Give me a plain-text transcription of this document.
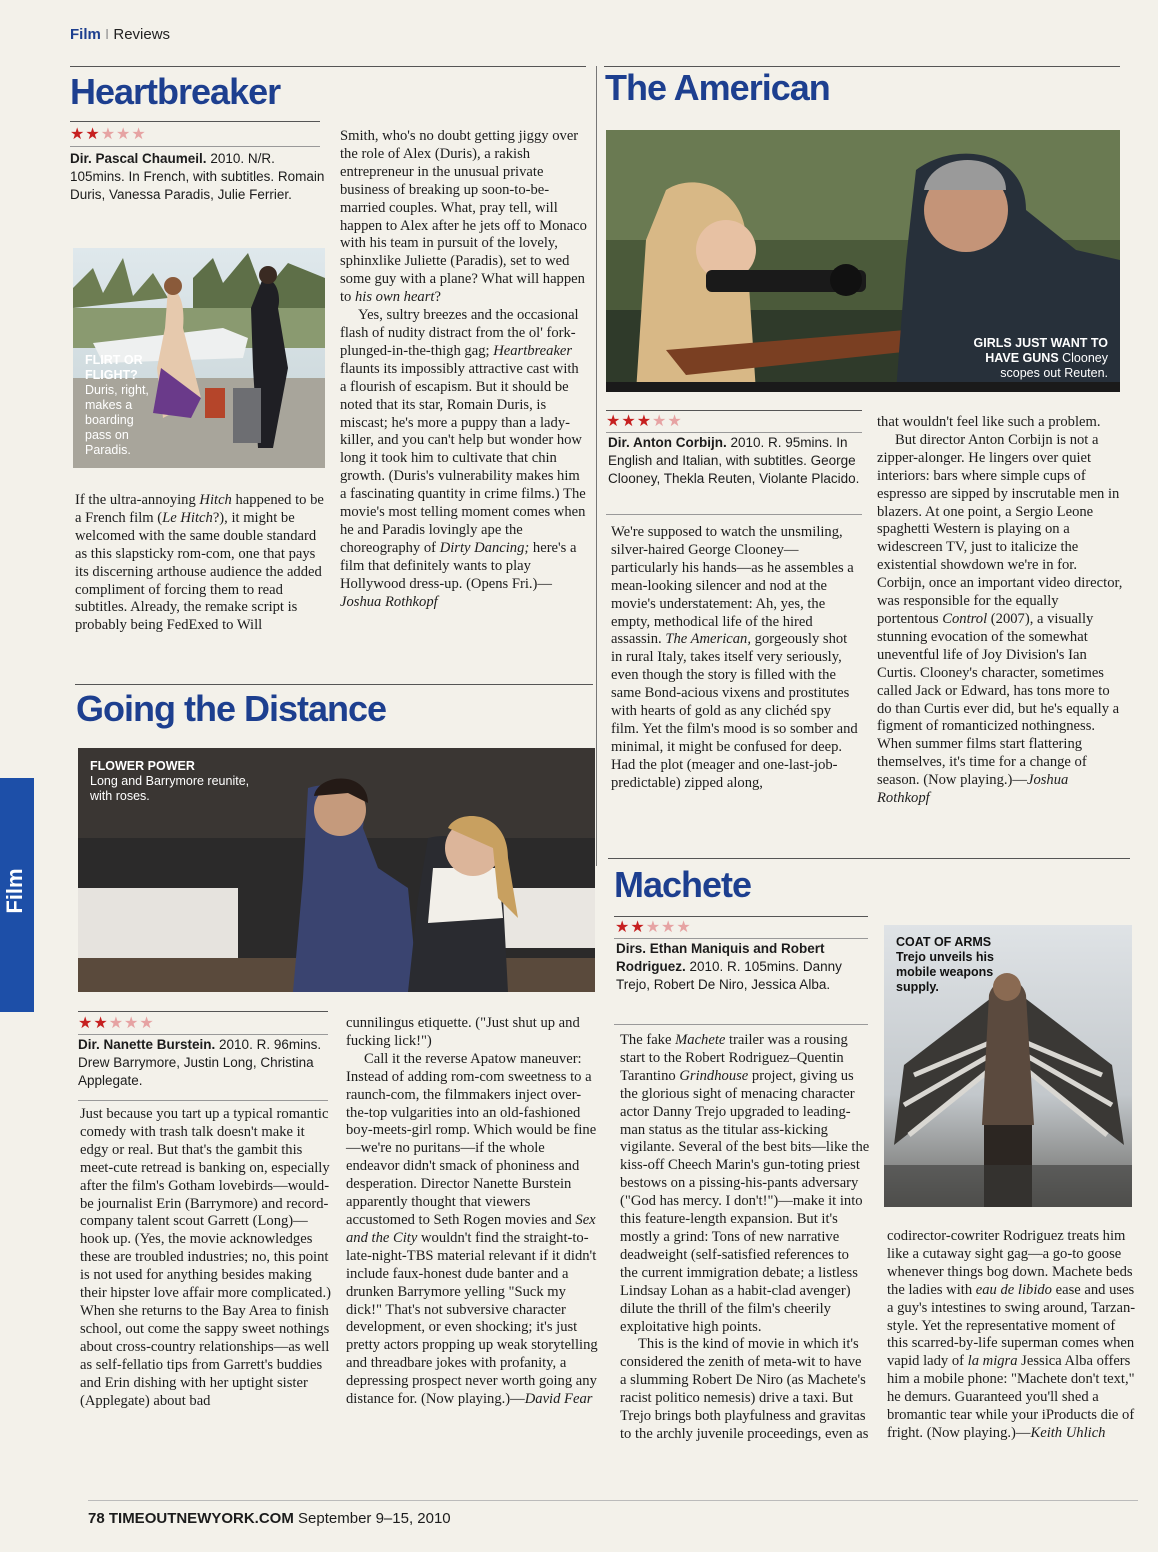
Film I Reviews
Film
Heartbreaker
★★★★★

Dir. Pascal Chaumeil. 2010. N/R. 105mins. In French, with subtitles. Romain Duris, Vanessa Paradis, Julie Ferrier.

FLIRT OR FLIGHT? Duris, right, makes a boarding pass on Paradis.

If the ultra-annoying Hitch happened to be a French film (Le Hitch?), it might be welcomed with the same double standard as this slapsticky rom-com, one that pays its discerning arthouse audience the added compliment of forcing them to read subtitles. Already, the remake script is probably being FedExed to Will

Smith, who's no doubt getting jiggy over the role of Alex (Duris), a rakish entrepreneur in the unusual private business of breaking up soon-to-be-married couples. What, pray tell, will happen to Alex after he jets off to Monaco with his team in pursuit of the lovely, sphinxlike Juliette (Paradis), set to wed some guy with a plane? What will happen to his own heart?

Yes, sultry breezes and the occasional flash of nudity distract from the ol' fork-plunged-in-the-thigh gag; Heartbreaker flaunts its impossibly attractive cast with a flourish of escapism. But it should be noted that its star, Romain Duris, is miscast; he's more a puppy than a lady-killer, and you can't help but wonder how long it took him to cultivate that chin growth. (Duris's vulnerability makes him a fascinating quantity in crime films.) The movie's most telling moment comes when he and Paradis lovingly ape the choreography of Dirty Dancing; here's a film that definitely wants to play Hollywood dress-up. (Opens Fri.)—Joshua Rothkopf

Going the Distance
FLOWER POWER
Long and Barrymore reunite, with roses.
★★★★★

Dir. Nanette Burstein. 2010. R. 96mins. Drew Barrymore, Justin Long, Christina Applegate.

Just because you tart up a typical romantic comedy with trash talk doesn't make it edgy or real. But that's the gambit this meet-cute retread is banking on, especially after the film's Gotham lovebirds—would-be journalist Erin (Barrymore) and record-company talent scout Garrett (Long)—hook up. (Yes, the movie acknowledges these are troubled industries; no, this point is not used for anything besides making their hipster love affair more complicated.) When she returns to the Bay Area to finish school, out come the sappy sweet nothings about cross-country relationships—as well as self-fellatio tips from Garrett's buddies and Erin dishing with her uptight sister (Applegate) about bad

cunnilingus etiquette. ("Just shut up and fucking lick!")

Call it the reverse Apatow maneuver: Instead of adding rom-com sweetness to a raunch-com, the filmmakers inject over-the-top vulgarities into an old-fashioned boy-meets-girl romp. Which would be fine—we're no puritans—if the whole endeavor didn't smack of phoniness and desperation. Director Nanette Burstein apparently thought that viewers accustomed to Seth Rogen movies and Sex and the City wouldn't find the straight-to-late-night-TBS material relevant if it didn't include faux-honest dude banter and a drunken Barrymore yelling "Suck my dick!" That's not subversive character development, or even shocking; it's just pretty actors propping up weak storytelling and threadbare jokes with profanity, a depressing prospect never worth going any distance for. (Now playing.)—David Fear

The American
GIRLS JUST WANT TO HAVE GUNS Clooney scopes out Reuten.
★★★★★

Dir. Anton Corbijn. 2010. R. 95mins. In English and Italian, with subtitles. George Clooney, Thekla Reuten, Violante Placido.

We're supposed to watch the unsmiling, silver-haired George Clooney—particularly his hands—as he assembles a mean-looking silencer and nod at the movie's understatement: Ah, yes, the empty, methodical life of the hired assassin. The American, gorgeously shot in rural Italy, takes itself very seriously, even though the story is filled with the same Bond-acious vixens and prostitutes with hearts of gold as any clichéd spy film. Yet the film's mood is so somber and minimal, it might be confused for deep. Had the plot (meager and one-last-job-predictable) zipped along,

that wouldn't feel like such a problem.

But director Anton Corbijn is not a zipper-alonger. He lingers over quiet interiors: bars where simple cups of espresso are sipped by inscrutable men in blazers. At one point, a Sergio Leone spaghetti Western is playing on a widescreen TV, just to italicize the existential showdown we're in for. Corbijn, once an important video director, was responsible for the equally portentous Control (2007), a visually stunning evocation of the somewhat uneventful life of Joy Division's Ian Curtis. Clooney's character, sometimes called Jack or Edward, has tons more to do than Curtis ever did, but he's equally a figment of romanticized nothingness. When summer films start flattering themselves, it's time for a change of season. (Now playing.)—Joshua Rothkopf

Machete
★★★★★

Dirs. Ethan Maniquis and Robert Rodriguez. 2010. R. 105mins. Danny Trejo, Robert De Niro, Jessica Alba.

COAT OF ARMS
Trejo unveils his mobile weapons supply.

The fake Machete trailer was a rousing start to the Robert Rodriguez–Quentin Tarantino Grindhouse project, giving us the glorious sight of menacing character actor Danny Trejo upgraded to leading-man status as the titular ass-kicking vigilante. Several of the best bits—like the kiss-off Cheech Marin's gun-toting priest bestows on a pissing-his-pants adversary ("God has mercy. I don't!")—make it into this feature-length expansion. But it's mostly a grind: Tons of new narrative deadweight (self-satisfied references to the current immigration debate; a listless Lindsay Lohan as a habit-clad avenger) dilute the thrill of the film's cheerily exploitative high points.

This is the kind of movie in which it's considered the zenith of meta-wit to have a slumming Robert De Niro (as Machete's racist politico nemesis) drive a taxi. But Trejo brings both playfulness and gravitas to the archly juvenile proceedings, even as

codirector-cowriter Rodriguez treats him like a cutaway sight gag—a go-to goose whenever things bog down. Machete beds the ladies with eau de libido ease and uses a guy's intestines to swing around, Tarzan-style. Yet the representative moment of this scarred-by-life superman comes when vapid lady of la migra Jessica Alba offers him a mobile phone: "Machete don't text," he demurs. Guaranteed you'll shed a bromantic tear while your iProducts die of fright. (Now playing.)—Keith Uhlich

78 TIMEOUTNEWYORK.COM September 9–15, 2010
